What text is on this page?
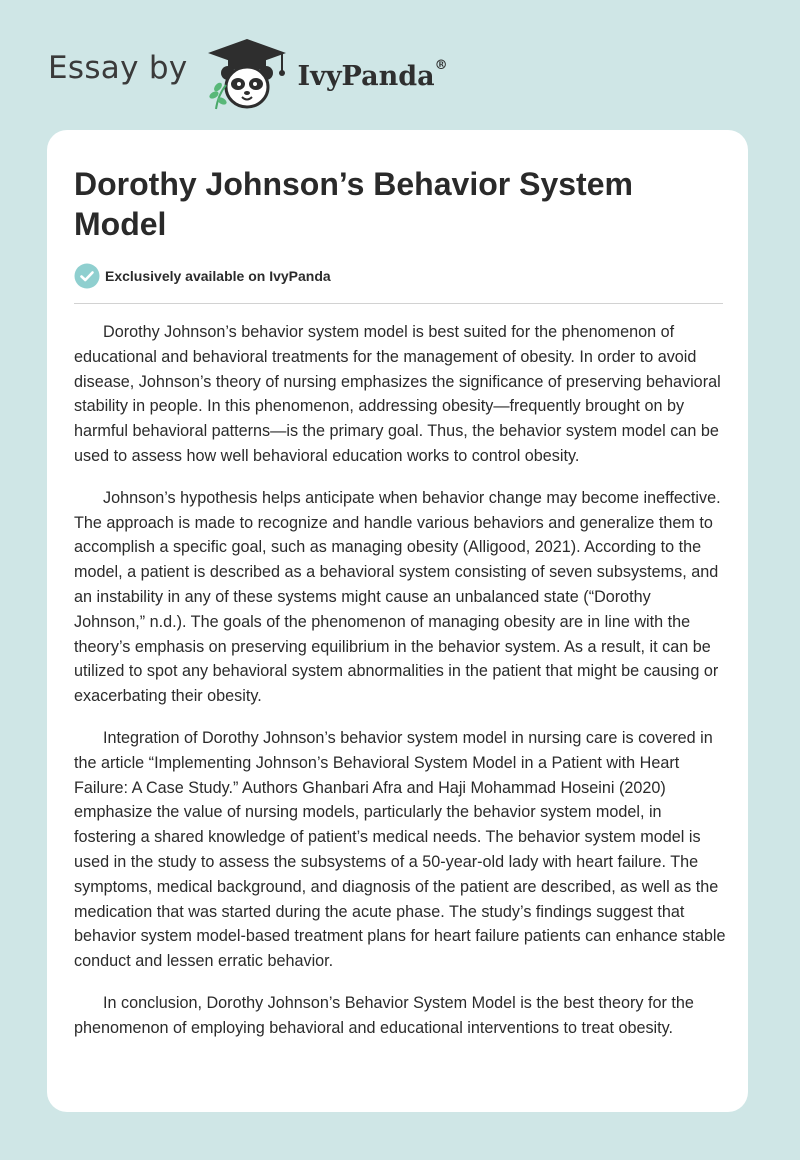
Essay by	IvyPanda®
Dorothy Johnson’s Behavior System Model
Exclusively available on IvyPanda

Dorothy Johnson’s behavior system model is best suited for the phenomenon of educational and behavioral treatments for the management of obesity. In order to avoid disease, Johnson’s theory of nursing emphasizes the significance of preserving behavioral stability in people. In this phenomenon, addressing obesity—frequently brought on by harmful behavioral patterns—is the primary goal. Thus, the behavior system model can be used to assess how well behavioral education works to control obesity.

Johnson’s hypothesis helps anticipate when behavior change may become ineffective. The approach is made to recognize and handle various behaviors and generalize them to accomplish a specific goal, such as managing obesity (Alligood, 2021). According to the model, a patient is described as a behavioral system consisting of seven subsystems, and an instability in any of these systems might cause an unbalanced state (“Dorothy Johnson,” n.d.). The goals of the phenomenon of managing obesity are in line with the theory’s emphasis on preserving equilibrium in the behavior system. As a result, it can be utilized to spot any behavioral system abnormalities in the patient that might be causing or exacerbating their obesity.

Integration of Dorothy Johnson’s behavior system model in nursing care is covered in the article “Implementing Johnson’s Behavioral System Model in a Patient with Heart Failure: A Case Study.” Authors Ghanbari Afra and Haji Mohammad Hoseini (2020) emphasize the value of nursing models, particularly the behavior system model, in fostering a shared knowledge of patient’s medical needs. The behavior system model is used in the study to assess the subsystems of a 50-year-old lady with heart failure. The symptoms, medical background, and diagnosis of the patient are described, as well as the medication that was started during the acute phase. The study’s findings suggest that behavior system model-based treatment plans for heart failure patients can enhance stable conduct and lessen erratic behavior.

In conclusion, Dorothy Johnson’s Behavior System Model is the best theory for the phenomenon of employing behavioral and educational interventions to treat obesity.
